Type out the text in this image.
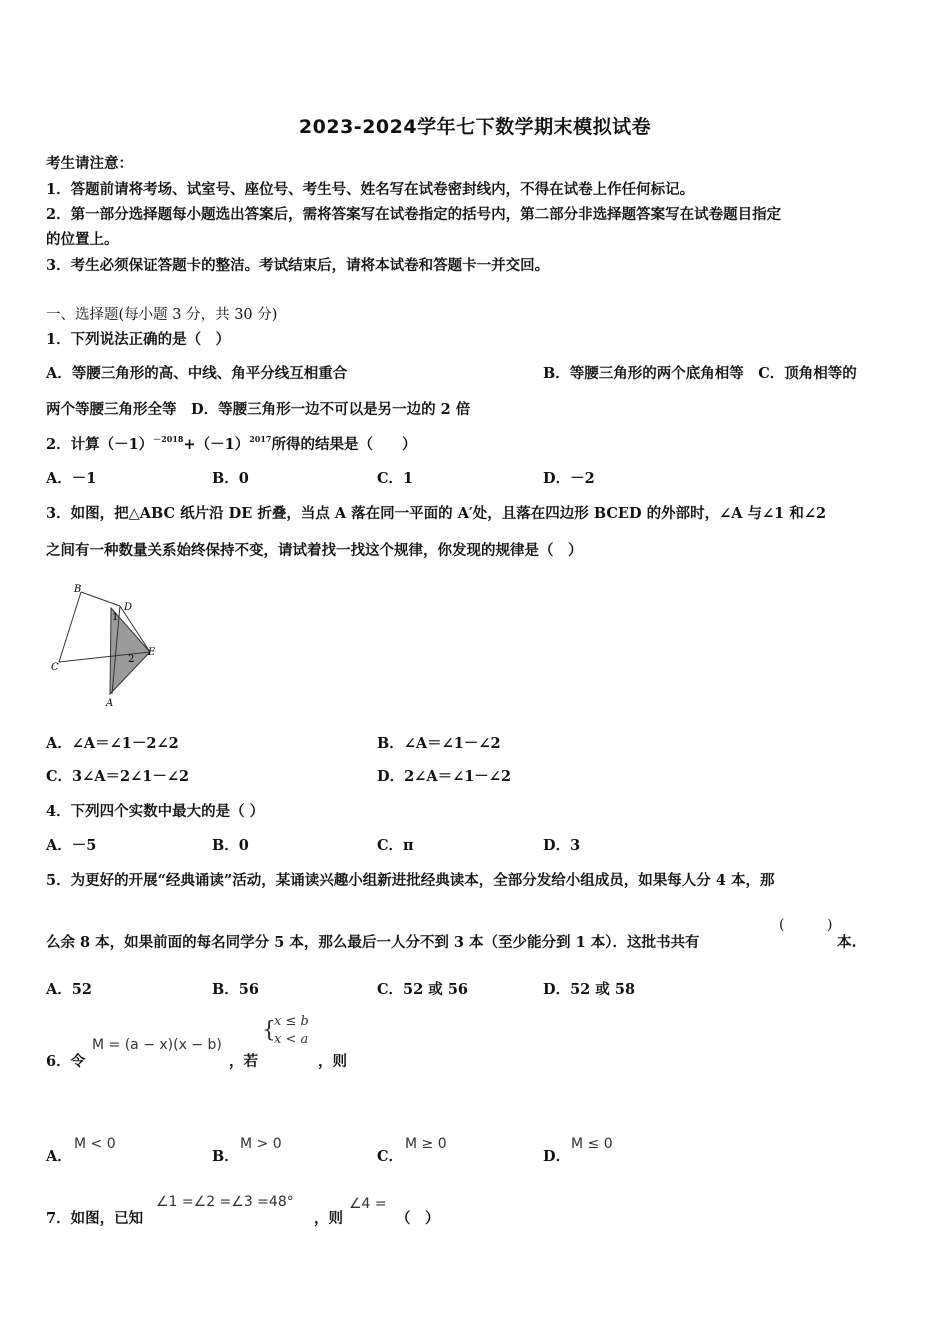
2023-2024学年七下数学期末模拟试卷
考生请注意：
1．答题前请将考场、试室号、座位号、考生号、姓名写在试卷密封线内，不得在试卷上作任何标记。
2．第一部分选择题每小题选出答案后，需将答案写在试卷指定的括号内，第二部分非选择题答案写在试卷题目指定
的位置上。
3．考生必须保证答题卡的整洁。考试结束后，请将本试卷和答题卡一并交回。
一、选择题(每小题 3 分，共 30 分)
1．下列说法正确的是（　）
A．等腰三角形的高、中线、角平分线互相重合	B．等腰三角形的两个底角相等　C．顶角相等的
两个等腰三角形全等　D．等腰三角形一边不可以是另一边的 2 倍
2．计算$(-1)^{-2018}+(-1)^{2017}$所得的结果是（　　）
A．－1	B．0	C．1	D．－2
3．如图，把△ABC 纸片沿 DE 折叠，当点 A 落在同一平面的 A′处，且落在四边形 BCED 的外部时，∠A 与∠1 和∠2
之间有一种数量关系始终保持不变，请试着找一找这个规律，你发现的规律是（　）
B
D
1
E
2
C
A
A．∠A＝∠1－2∠2	B．∠A＝∠1－∠2
C．3∠A＝2∠1－∠2	D．2∠A＝∠1－∠2
4．下列四个实数中最大的是（ ）
A．－5	B．0	C．π	D．3
5．为更好的开展“经典诵读”活动，某诵读兴趣小组新进批经典读本，全部分发给小组成员，如果每人分 4 本，那
么余 8 本，如果前面的每名同学分 5 本，那么最后一人分不到 3 本（至少能分到 1 本）．这批书共有
(	)
本.
A．52	B．56	C．52 或 56	D．52 或 58
6．令
M = (a − x)(x − b)
，若
{
x ≤ b
x < a
，则
A．
M < 0
B．
M > 0
C．
M ≥ 0
D．
M ≤ 0
7．如图，已知
∠1 =∠2 =∠3 =48°
，则
∠4 =
（　）
